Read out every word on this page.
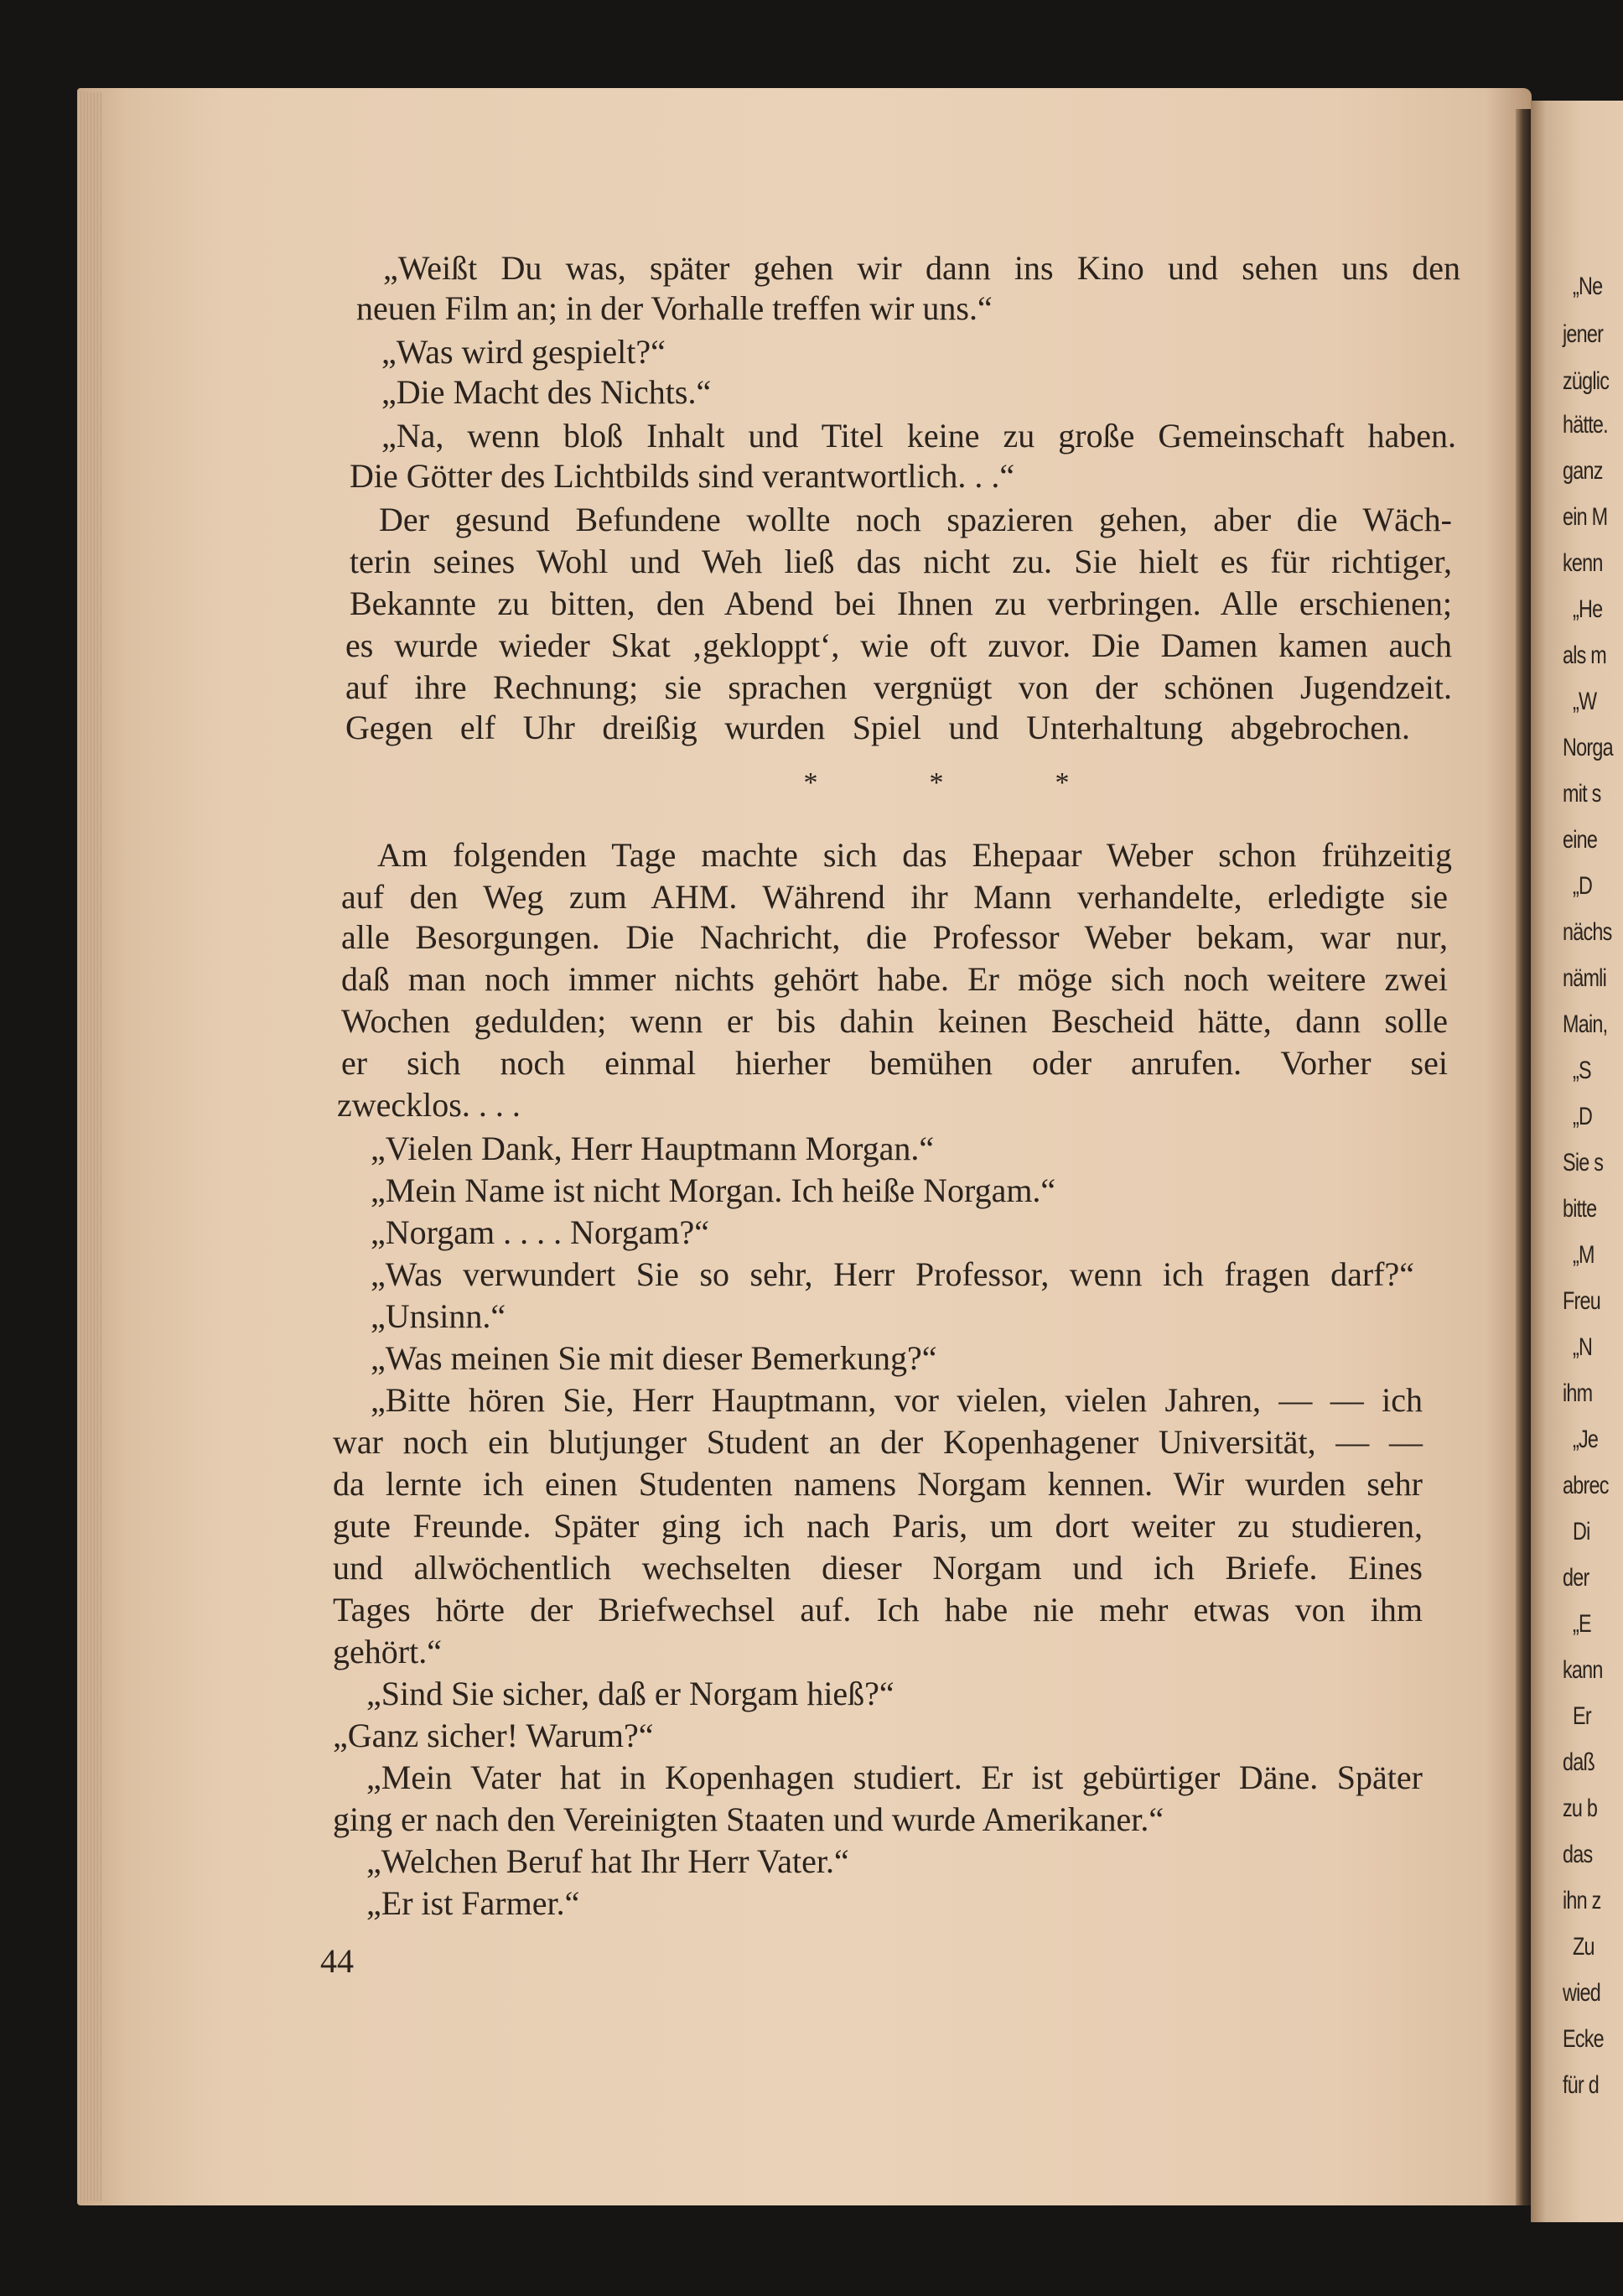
„Weißt Du was, später gehen wir dann ins Kino und sehen uns den
neuen Film an; in der Vorhalle treffen wir uns.“
„Was wird gespielt?“
„Die Macht des Nichts.“
„Na, wenn bloß Inhalt und Titel keine zu große Gemeinschaft haben.
Die Götter des Lichtbilds sind verantwortlich. . .“
Der gesund Befundene wollte noch spazieren gehen, aber die Wäch-
terin seines Wohl und Weh ließ das nicht zu. Sie hielt es für richtiger,
Bekannte zu bitten, den Abend bei Ihnen zu verbringen. Alle erschienen;
es wurde wieder Skat ‚gekloppt‘, wie oft zuvor. Die Damen kamen auch
auf ihre Rechnung; sie sprachen vergnügt von der schönen Jugendzeit.
Gegen elf Uhr dreißig wurden Spiel und Unterhaltung abgebrochen.
Am folgenden Tage machte sich das Ehepaar Weber schon frühzeitig
auf den Weg zum AHM. Während ihr Mann verhandelte, erledigte sie
alle Besorgungen. Die Nachricht, die Professor Weber bekam, war nur,
daß man noch immer nichts gehört habe. Er möge sich noch weitere zwei
Wochen gedulden; wenn er bis dahin keinen Bescheid hätte, dann solle
er sich noch einmal hierher bemühen oder anrufen. Vorher sei
zwecklos. . . .
„Vielen Dank, Herr Hauptmann Morgan.“
„Mein Name ist nicht Morgan. Ich heiße Norgam.“
„Norgam . . . . Norgam?“
„Was verwundert Sie so sehr, Herr Professor, wenn ich fragen darf?“
„Unsinn.“
„Was meinen Sie mit dieser Bemerkung?“
„Bitte hören Sie, Herr Hauptmann, vor vielen, vielen Jahren, — — ich
war noch ein blutjunger Student an der Kopenhagener Universität, — —
da lernte ich einen Studenten namens Norgam kennen. Wir wurden sehr
gute Freunde. Später ging ich nach Paris, um dort weiter zu studieren,
und allwöchentlich wechselten dieser Norgam und ich Briefe. Eines
Tages hörte der Briefwechsel auf. Ich habe nie mehr etwas von ihm
gehört.“
„Sind Sie sicher, daß er Norgam hieß?“
„Ganz sicher! Warum?“
„Mein Vater hat in Kopenhagen studiert. Er ist gebürtiger Däne. Später
ging er nach den Vereinigten Staaten und wurde Amerikaner.“
„Welchen Beruf hat Ihr Herr Vater.“
„Er ist Farmer.“
*	*	*
44
„Ne
jener
züglic
hätte.
ganz
ein M
kenn
„He
als m
„W
Norga
mit s
eine
„D
nächs
nämli
Main,
„S
„D
Sie s
bitte
„M
Freu
„N
ihm
„Je
abrec
Di
der
„E
kann
Er
daß
zu b
das
ihn z
Zu
wied
Ecke
für d
